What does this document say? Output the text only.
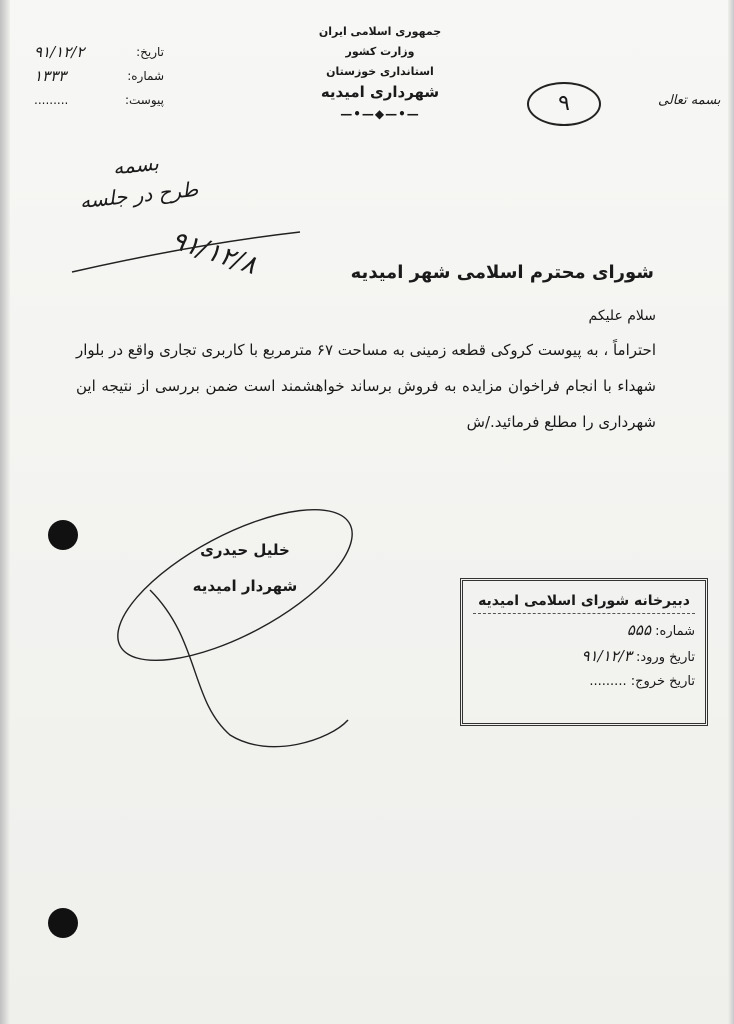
جمهوری اسلامی ایران
وزارت کشور
استانداری خوزستان
شهرداری امیدیه
—•—◆—•—
تاریخ:
۹۱/۱۲/۲
شماره:
۱۳۳۳
پیوست:
.........	۹	بسمه تعالی
بسمه
طرح در جلسه
۹۱/۱۲/۸	شورای محترم اسلامی شهر امیدیه
سلام علیکم
احتراماً ، به پیوست کروکی قطعه زمینی به مساحت ۶۷ مترمربع با کاربری تجاری واقع در بلوار شهداء با انجام فراخوان مزایده به فروش برساند خواهشمند است ضمن بررسی از نتیجه این شهرداری را مطلع فرمائید./ش
خلیل حیدری
شهردار امیدیه
دبیرخانه شورای اسلامی امیدیه
شماره: ۵۵۵
تاریخ ورود: ۹۱/۱۲/۳
تاریخ خروج: .........
